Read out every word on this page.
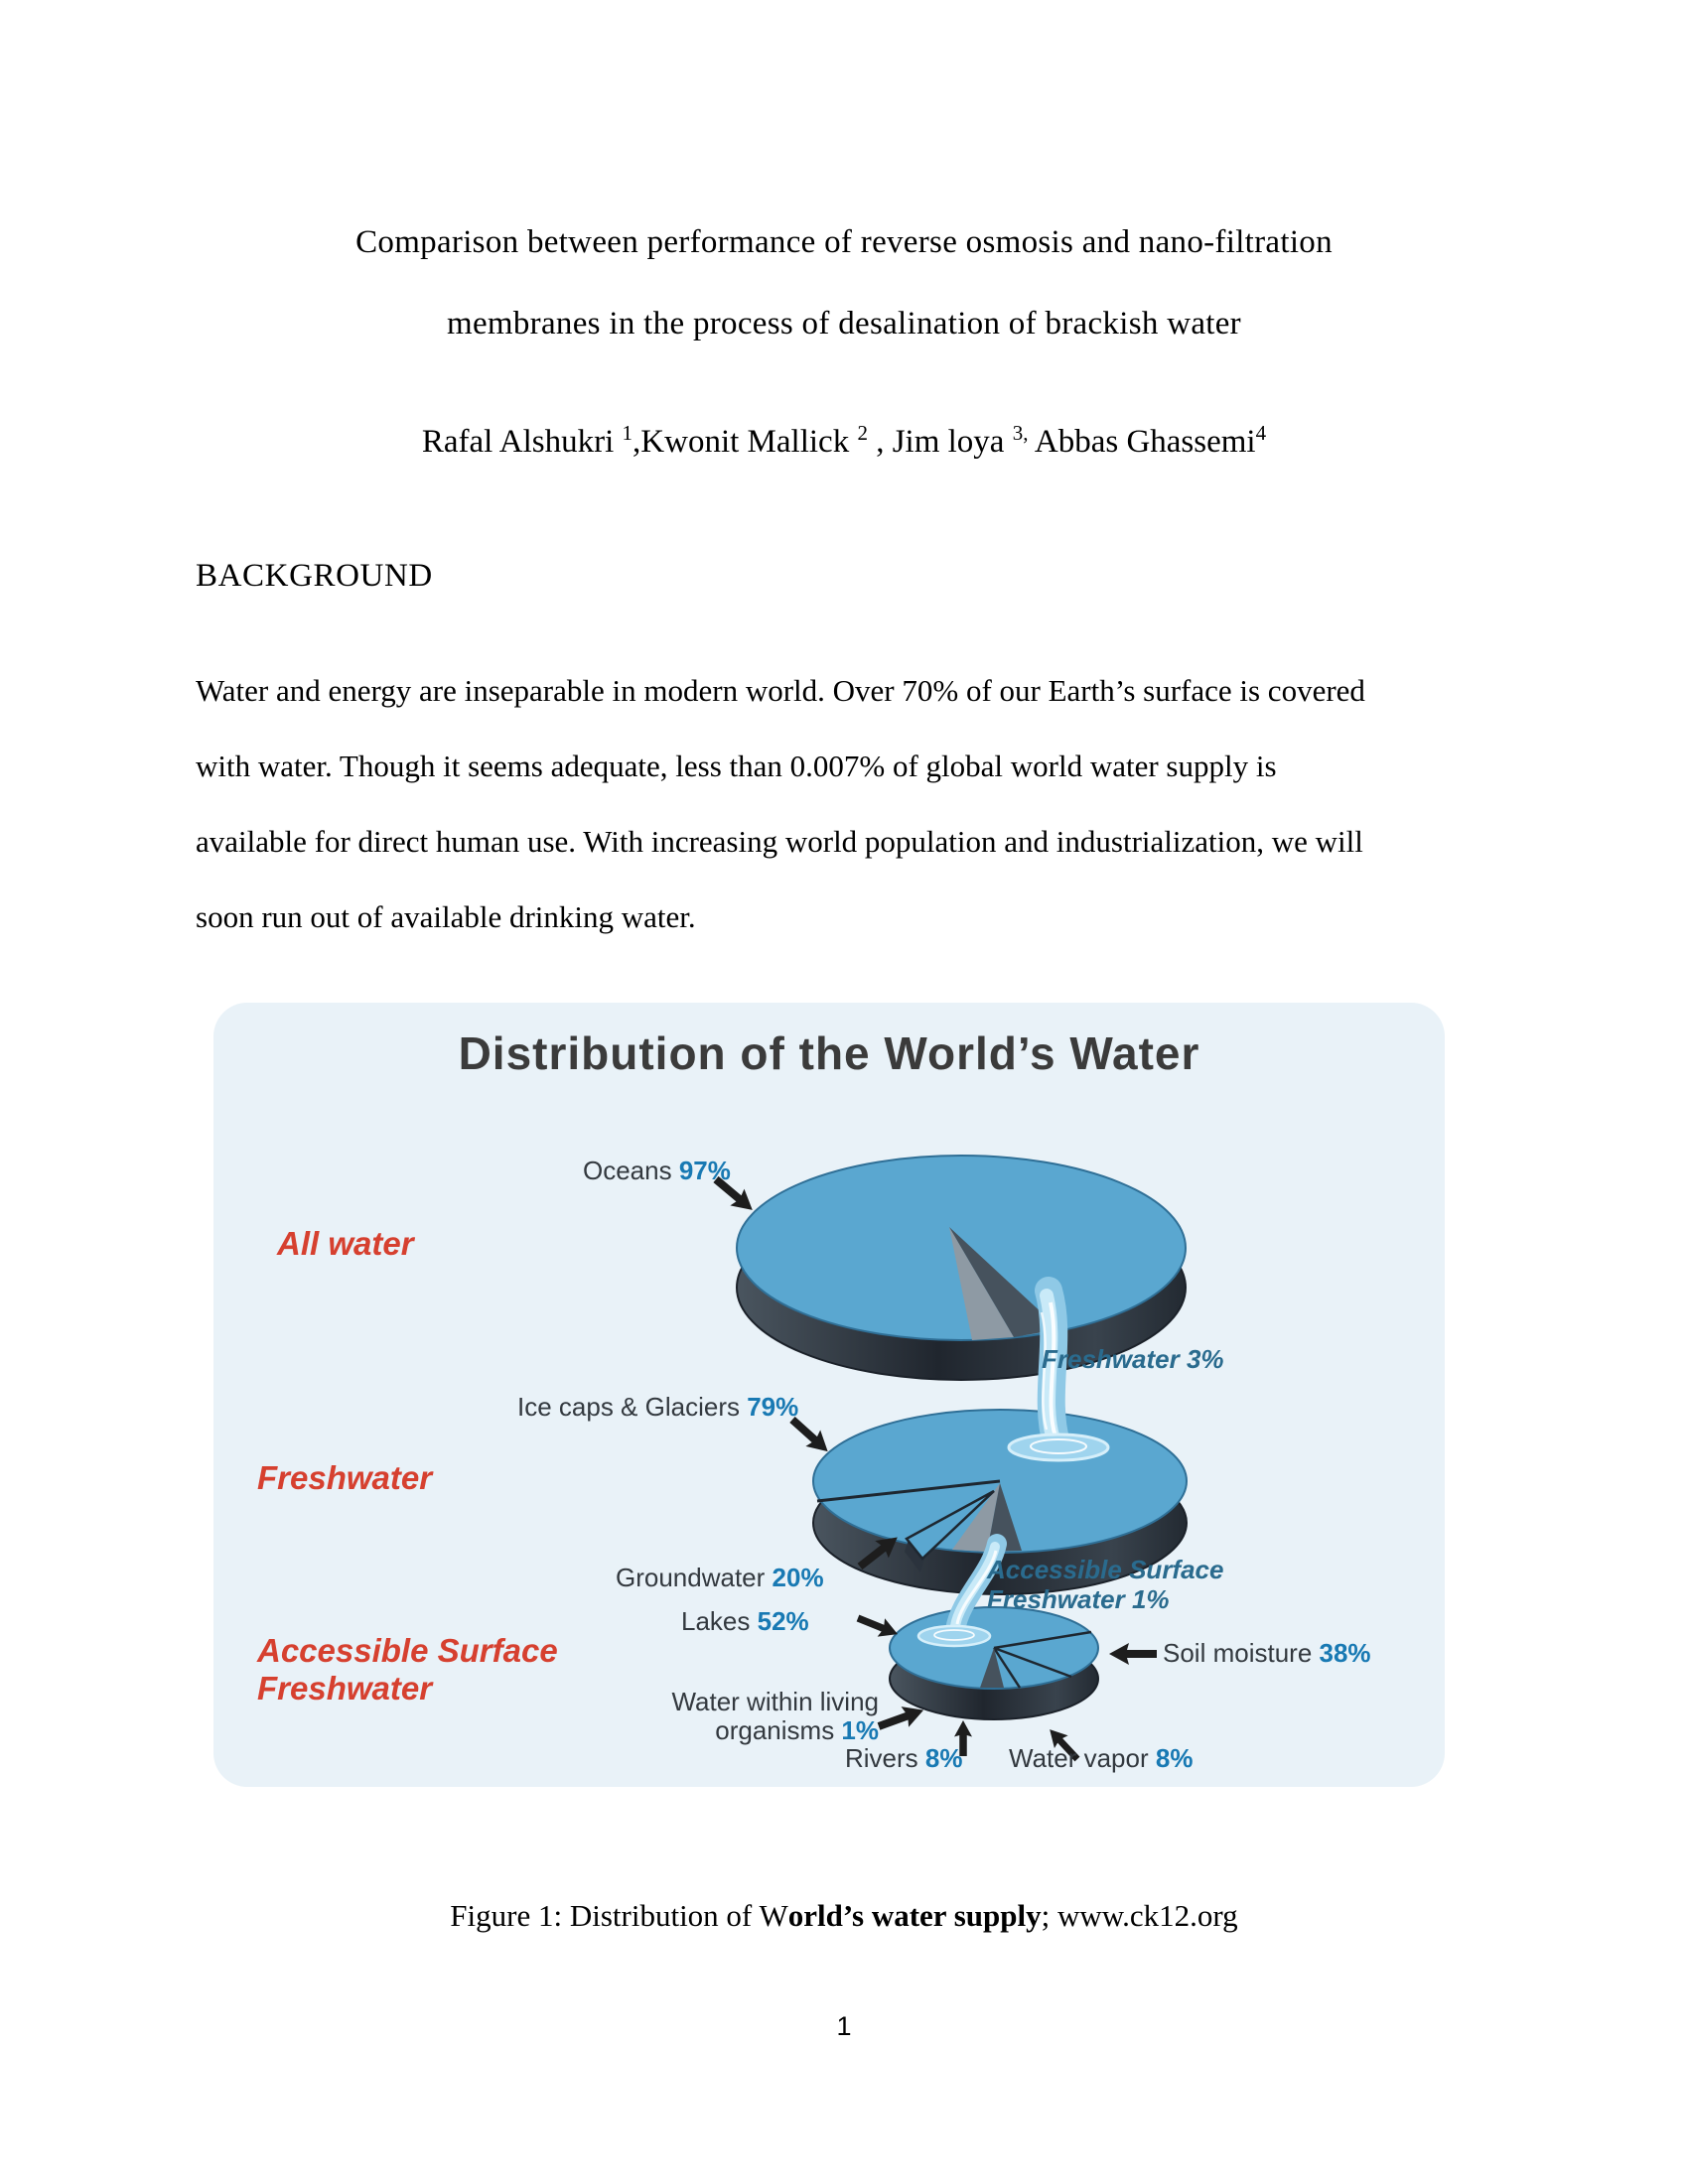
Comparison between performance of reverse osmosis and nano-filtration
membranes in the process of desalination of brackish water
Rafal Alshukri $^1$,Kwonit Mallick $^2$ , Jim loya $^{3,}$ Abbas Ghassemi$^4$
BACKGROUND
Water and energy are inseparable in modern world. Over 70% of our Earth’s surface is covered
with water. Though it seems adequate, less than 0.007% of global world water supply is
available for direct human use. With increasing world population and industrialization, we will
soon run out of available drinking water.
Distribution of the World’s Water
Oceans 97%
All water
Freshwater 3%
Ice caps & Glaciers 79%
Freshwater
Groundwater 20%	Accessible Surface
Freshwater 1%
Lakes 52%
Accessible Surface
Freshwater
Soil moisture 38%
Water within living
organisms 1%
Rivers 8% Water vapor 8%
Figure 1: Distribution of World’s water supply; www.ck12.org
1
